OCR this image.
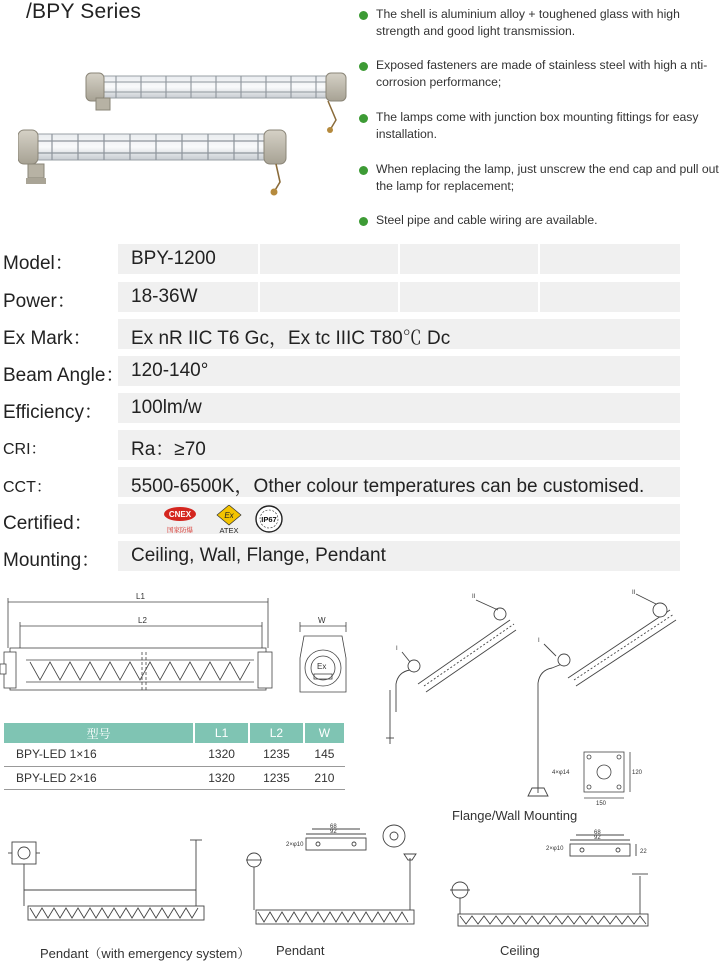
/BPY Series	The shell is aluminium alloy + toughened glass with high strength and good light transmission.
Exposed fasteners are made of stainless steel with high a nti-corrosion performance;
The lamps come with junction box mounting fittings for easy installation.
When replacing the lamp, just unscrew the end cap and pull out the lamp for replacement;
Steel pipe and cable wiring are available.
Model：	BPY-1200
Power：	18-36W
Ex Mark： Ex nR IIC T6 Gc，Ex tc IIIC T80℃ Dc
Beam Angle： 120-140°
Efficiency： 100lm/w
CRI：	Ra：≥70
CCT：	5500-6500K，Other colour temperatures can be customised.
Certified：
Mounting： Ceiling, Wall, Flange, Pendant
CNEX
国家防爆
Ex
ATEX
IP67
L1
L2	W
Ex
II
I
II
I
4×φ14	120
150
2×φ10
92
68
2×φ10
92
68
22
型号	L1	L2	W
BPY-LED 1×16	1320	1235	145
BPY-LED 2×16	1320	1235	210
Flange/Wall Mounting
Pendant（with emergency system） Pendant	Ceiling
